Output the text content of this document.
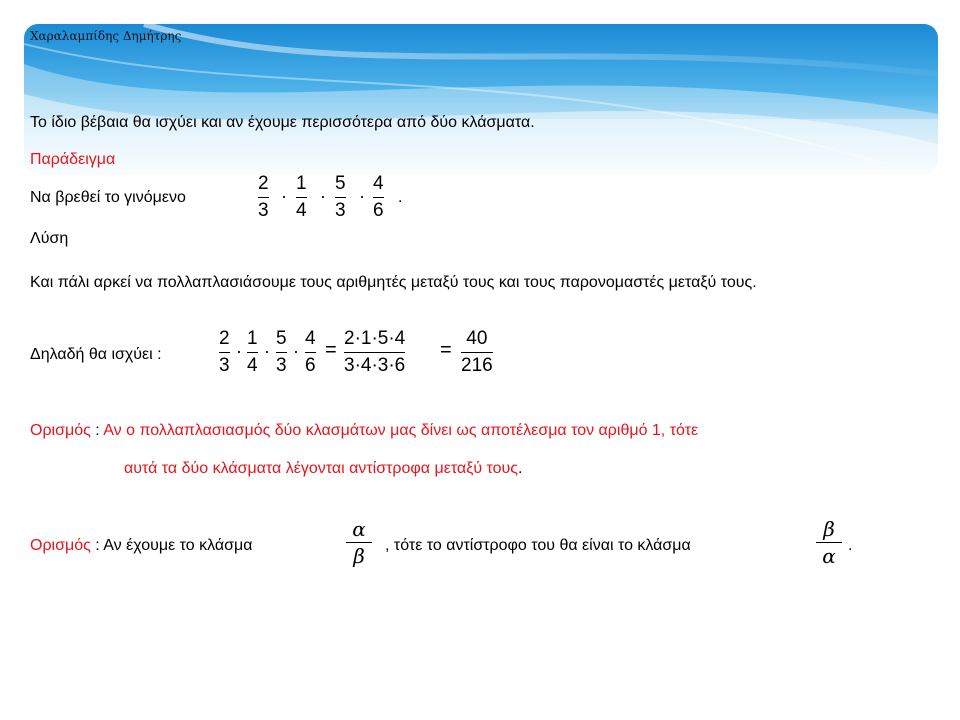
Χαραλαμπίδης Δημήτρης
Το ίδιο βέβαια θα ισχύει και αν έχουμε περισσότερα από δύο κλάσματα.
Παράδειγμα
Να βρεθεί το γινόμενο
2
3
·
1
4
·
5
3
·
4
6
.
Λύση
Και πάλι αρκεί να πολλαπλασιάσουμε τους αριθμητές μεταξύ τους και τους παρονομαστές μεταξύ τους.
Δηλαδή θα ισχύει :
2
3
·
1
4
·
5
3
·
4
6
=
2·1·5·4
3·4·3·6
=
40
216
Ορισμός : Αν ο πολλαπλασιασμός δύο κλασμάτων μας δίνει ως αποτέλεσμα τον αριθμό 1, τότε
αυτά τα δύο κλάσματα λέγονται αντίστροφα μεταξύ τους.
Ορισμός : Αν έχουμε το κλάσμα
α
β , τότε το αντίστροφο του θα είναι το κλάσμα
β
α .
